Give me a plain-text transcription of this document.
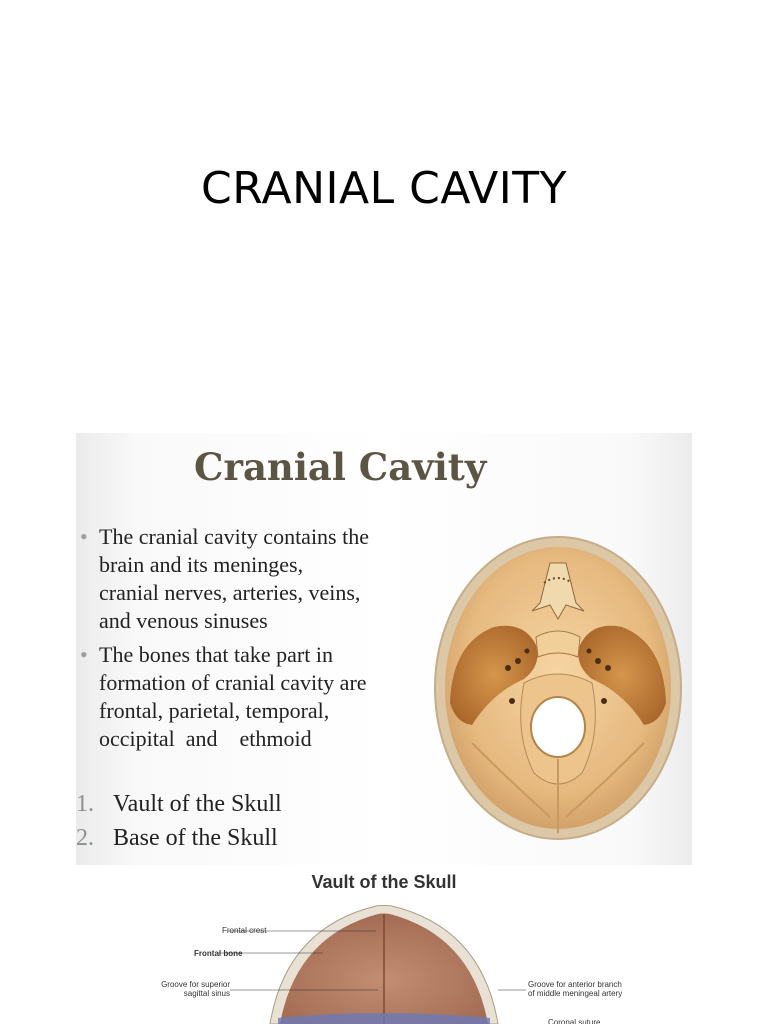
CRANIAL CAVITY
Cranial Cavity
• The cranial cavity contains the
brain and its meninges,
cranial nerves, arteries, veins,
and venous sinuses
• The bones that take part in
formation of cranial cavity are
frontal, parietal, temporal,
occipital  and    ethmoid
1. Vault of the Skull
2. Base of the Skull
Vault of the Skull
Frontal crest
Frontal bone
Groove for superior
sagittal sinus
Groove for anterior branch
of middle meningeal artery
Coronal suture
